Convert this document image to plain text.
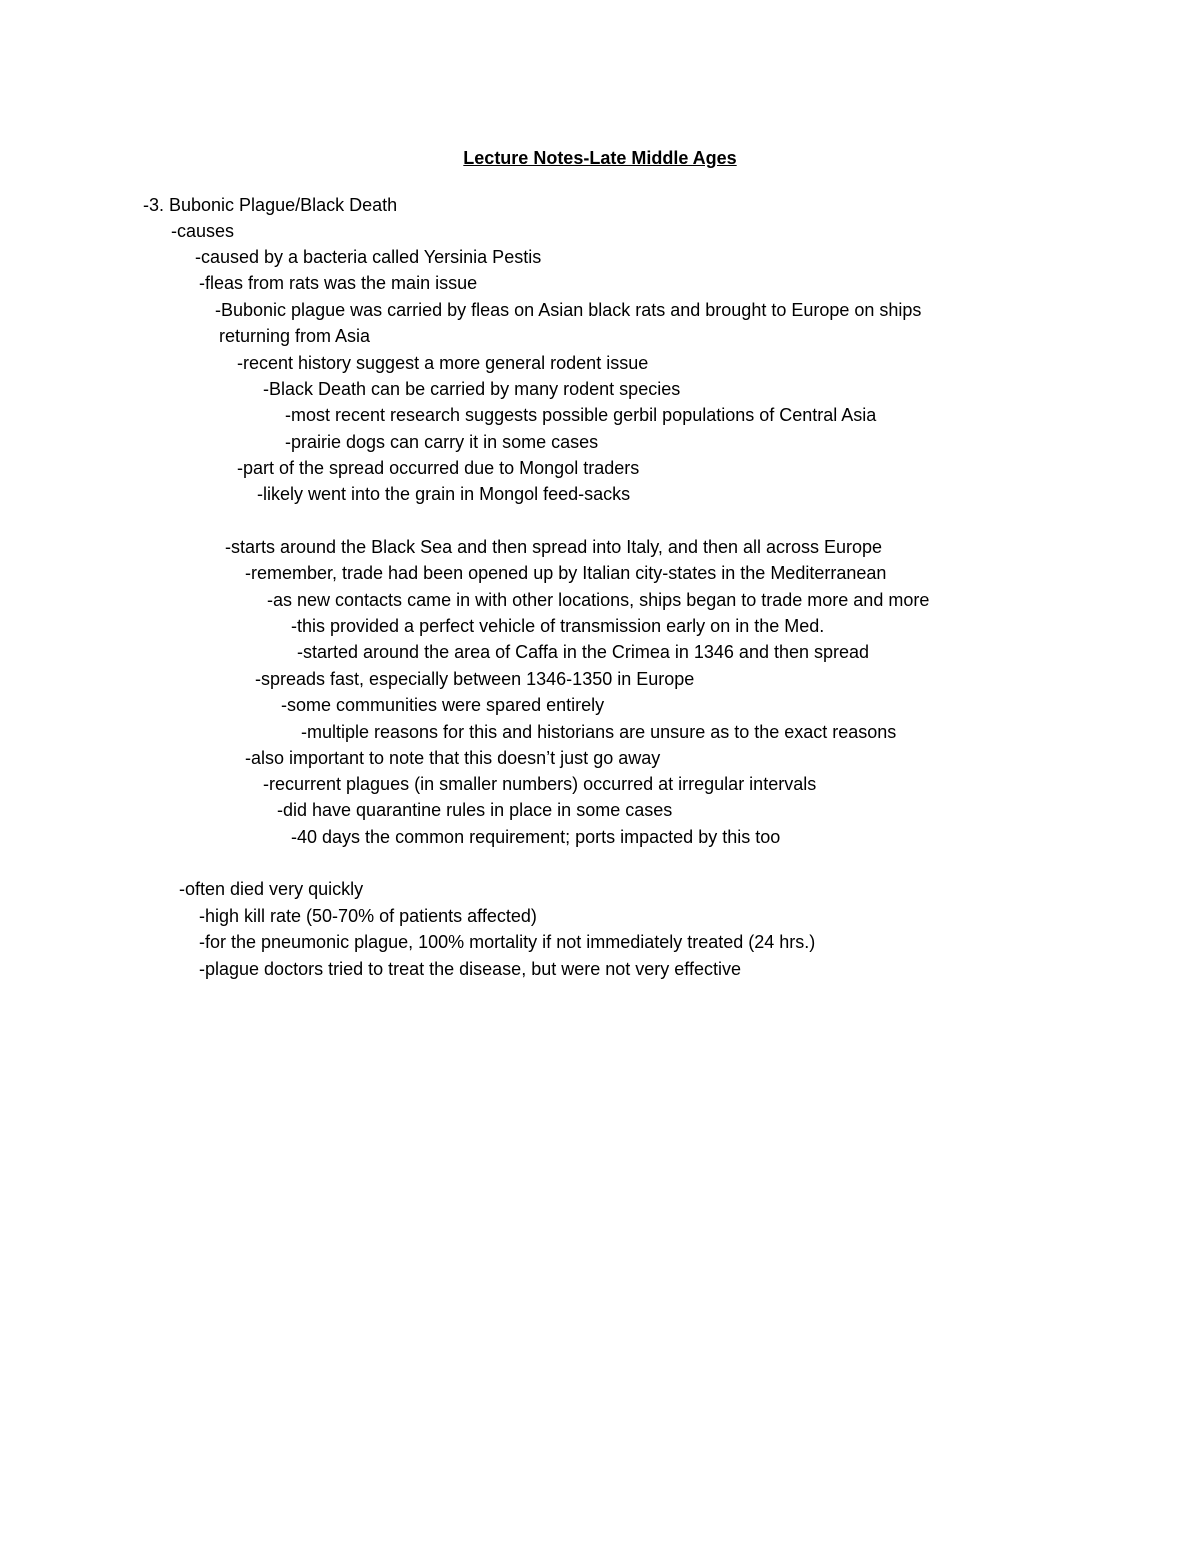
Lecture Notes-Late Middle Ages
-3. Bubonic Plague/Black Death
-causes
-caused by a bacteria called Yersinia Pestis
-fleas from rats was the main issue
-Bubonic plague was carried by fleas on Asian black rats and brought to Europe on ships
returning from Asia
-recent history suggest a more general rodent issue
-Black Death can be carried by many rodent species
-most recent research suggests possible gerbil populations of Central Asia
-prairie dogs can carry it in some cases
-part of the spread occurred due to Mongol traders
-likely went into the grain in Mongol feed-sacks
-starts around the Black Sea and then spread into Italy, and then all across Europe
-remember, trade had been opened up by Italian city-states in the Mediterranean
-as new contacts came in with other locations, ships began to trade more and more
-this provided a perfect vehicle of transmission early on in the Med.
-started around the area of Caffa in the Crimea in 1346 and then spread
-spreads fast, especially between 1346-1350 in Europe
-some communities were spared entirely
-multiple reasons for this and historians are unsure as to the exact reasons
-also important to note that this doesn’t just go away
-recurrent plagues (in smaller numbers) occurred at irregular intervals
-did have quarantine rules in place in some cases
-40 days the common requirement; ports impacted by this too
-often died very quickly
-high kill rate (50-70% of patients affected)
-for the pneumonic plague, 100% mortality if not immediately treated (24 hrs.)
-plague doctors tried to treat the disease, but were not very effective
